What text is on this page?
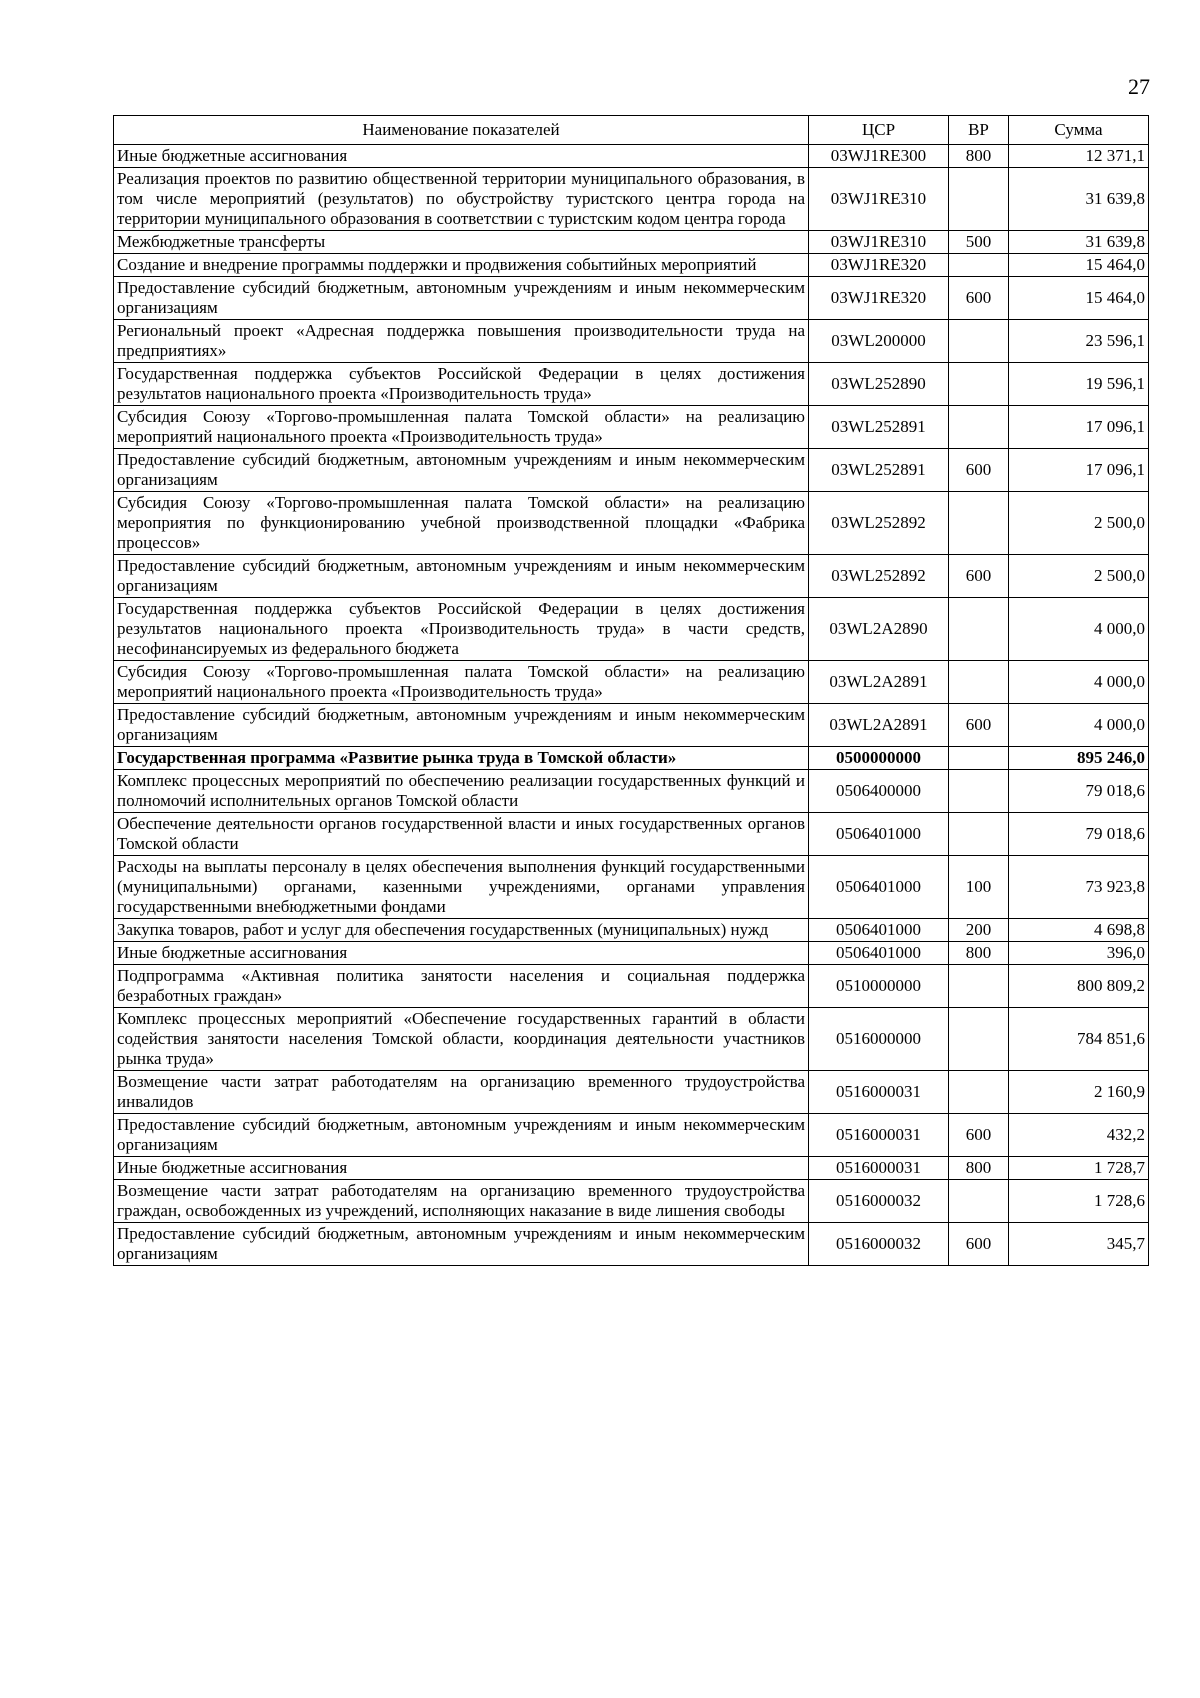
27
Наименование показателей	ЦСР	ВР	Сумма
Иные бюджетные ассигнования	03WJ1RE300	800	12 371,1
Реализация проектов по развитию общественной территории муниципального образования, в том числе мероприятий (результатов) по обустройству туристского центра города на территории муниципального образования в соответствии с туристским кодом центра города	03WJ1RE310		31 639,8
Межбюджетные трансферты	03WJ1RE310	500	31 639,8
Создание и внедрение программы поддержки и продвижения событийных мероприятий	03WJ1RE320		15 464,0
Предоставление субсидий бюджетным, автономным учреждениям и иным некоммерческим организациям	03WJ1RE320	600	15 464,0
Региональный проект «Адресная поддержка повышения производительности труда на предприятиях»	03WL200000		23 596,1
Государственная поддержка субъектов Российской Федерации в целях достижения результатов национального проекта «Производительность труда»	03WL252890		19 596,1
Субсидия Союзу «Торгово-промышленная палата Томской области» на реализацию мероприятий национального проекта «Производительность труда»	03WL252891		17 096,1
Предоставление субсидий бюджетным, автономным учреждениям и иным некоммерческим организациям	03WL252891	600	17 096,1
Субсидия Союзу «Торгово-промышленная палата Томской области» на реализацию мероприятия по функционированию учебной производственной площадки «Фабрика процессов»	03WL252892		2 500,0
Предоставление субсидий бюджетным, автономным учреждениям и иным некоммерческим организациям	03WL252892	600	2 500,0
Государственная поддержка субъектов Российской Федерации в целях достижения результатов национального проекта «Производительность труда» в части средств, несофинансируемых из федерального бюджета	03WL2A2890		4 000,0
Субсидия Союзу «Торгово-промышленная палата Томской области» на реализацию мероприятий национального проекта «Производительность труда»	03WL2A2891		4 000,0
Предоставление субсидий бюджетным, автономным учреждениям и иным некоммерческим организациям	03WL2A2891	600	4 000,0
Государственная программа «Развитие рынка труда в Томской области»	0500000000		895 246,0
Комплекс процессных мероприятий по обеспечению реализации государственных функций и полномочий исполнительных органов Томской области	0506400000		79 018,6
Обеспечение деятельности органов государственной власти и иных государственных органов Томской области	0506401000		79 018,6
Расходы на выплаты персоналу в целях обеспечения выполнения функций государственными (муниципальными) органами, казенными учреждениями, органами управления государственными внебюджетными фондами	0506401000	100	73 923,8
Закупка товаров, работ и услуг для обеспечения государственных (муниципальных) нужд	0506401000	200	4 698,8
Иные бюджетные ассигнования	0506401000	800	396,0
Подпрограмма «Активная политика занятости населения и социальная поддержка безработных граждан»	0510000000		800 809,2
Комплекс процессных мероприятий «Обеспечение государственных гарантий в области содействия занятости населения Томской области, координация деятельности участников рынка труда»	0516000000		784 851,6
Возмещение части затрат работодателям на организацию временного трудоустройства инвалидов	0516000031		2 160,9
Предоставление субсидий бюджетным, автономным учреждениям и иным некоммерческим организациям	0516000031	600	432,2
Иные бюджетные ассигнования	0516000031	800	1 728,7
Возмещение части затрат работодателям на организацию временного трудоустройства граждан, освобожденных из учреждений, исполняющих наказание в виде лишения свободы	0516000032		1 728,6
Предоставление субсидий бюджетным, автономным учреждениям и иным некоммерческим организациям	0516000032	600	345,7
